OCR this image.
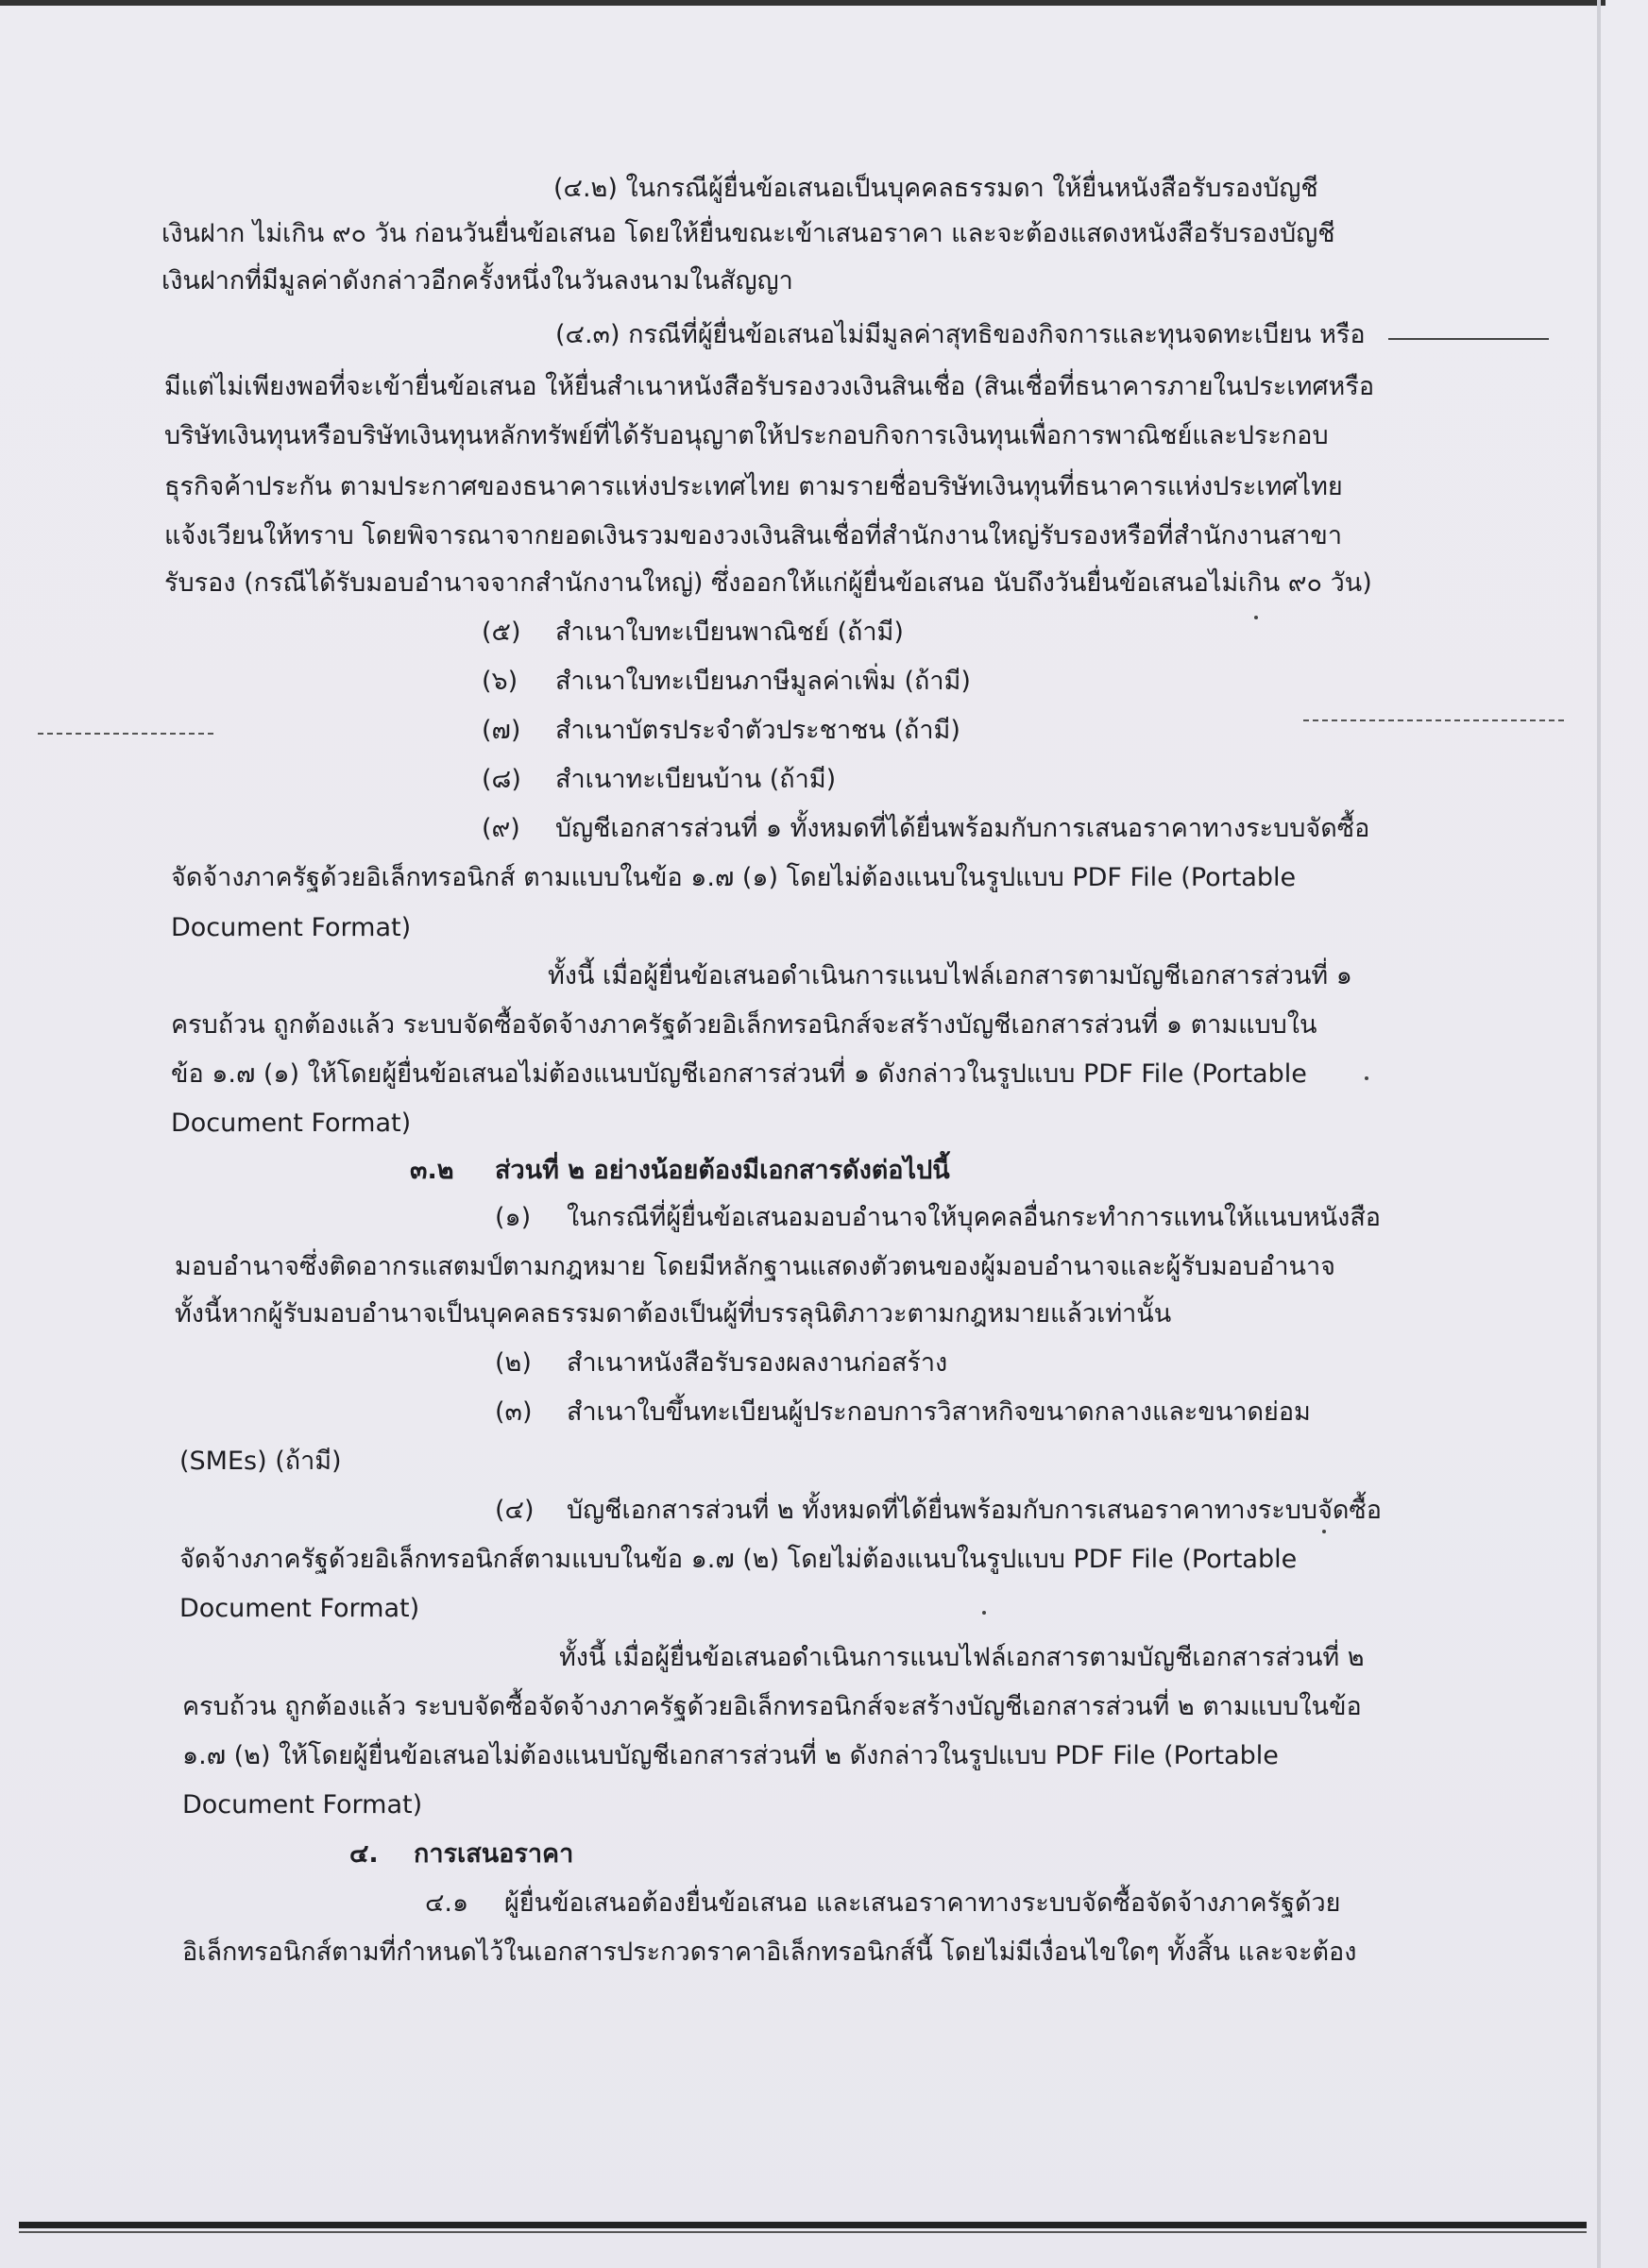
(๔.๒) ในกรณีผู้ยื่นข้อเสนอเป็นบุคคลธรรมดา ให้ยื่นหนังสือรับรองบัญชี
เงินฝาก ไม่เกิน ๙๐ วัน ก่อนวันยื่นข้อเสนอ โดยให้ยื่นขณะเข้าเสนอราคา และจะต้องแสดงหนังสือรับรองบัญชี
เงินฝากที่มีมูลค่าดังกล่าวอีกครั้งหนึ่งในวันลงนามในสัญญา
(๔.๓) กรณีที่ผู้ยื่นข้อเสนอไม่มีมูลค่าสุทธิของกิจการและทุนจดทะเบียน หรือ
มีแต่ไม่เพียงพอที่จะเข้ายื่นข้อเสนอ ให้ยื่นสำเนาหนังสือรับรองวงเงินสินเชื่อ (สินเชื่อที่ธนาคารภายในประเทศหรือ
บริษัทเงินทุนหรือบริษัทเงินทุนหลักทรัพย์ที่ได้รับอนุญาตให้ประกอบกิจการเงินทุนเพื่อการพาณิชย์และประกอบ
ธุรกิจค้าประกัน ตามประกาศของธนาคารแห่งประเทศไทย ตามรายชื่อบริษัทเงินทุนที่ธนาคารแห่งประเทศไทย
แจ้งเวียนให้ทราบ โดยพิจารณาจากยอดเงินรวมของวงเงินสินเชื่อที่สำนักงานใหญ่รับรองหรือที่สำนักงานสาขา
รับรอง (กรณีได้รับมอบอำนาจจากสำนักงานใหญ่) ซึ่งออกให้แก่ผู้ยื่นข้อเสนอ นับถึงวันยื่นข้อเสนอไม่เกิน ๙๐ วัน)
(๕) สำเนาใบทะเบียนพาณิชย์ (ถ้ามี)
(๖) สำเนาใบทะเบียนภาษีมูลค่าเพิ่ม (ถ้ามี)
(๗) สำเนาบัตรประจำตัวประชาชน (ถ้ามี)
(๘) สำเนาทะเบียนบ้าน (ถ้ามี)
(๙) บัญชีเอกสารส่วนที่ ๑ ทั้งหมดที่ได้ยื่นพร้อมกับการเสนอราคาทางระบบจัดซื้อ
จัดจ้างภาครัฐด้วยอิเล็กทรอนิกส์ ตามแบบในข้อ ๑.๗ (๑) โดยไม่ต้องแนบในรูปแบบ PDF File (Portable
Document Format)
ทั้งนี้ เมื่อผู้ยื่นข้อเสนอดำเนินการแนบไฟล์เอกสารตามบัญชีเอกสารส่วนที่ ๑
ครบถ้วน ถูกต้องแล้ว ระบบจัดซื้อจัดจ้างภาครัฐด้วยอิเล็กทรอนิกส์จะสร้างบัญชีเอกสารส่วนที่ ๑ ตามแบบใน
ข้อ ๑.๗ (๑) ให้โดยผู้ยื่นข้อเสนอไม่ต้องแนบบัญชีเอกสารส่วนที่ ๑ ดังกล่าวในรูปแบบ PDF File (Portable
Document Format)
๓.๒ ส่วนที่ ๒ อย่างน้อยต้องมีเอกสารดังต่อไปนี้
(๑) ในกรณีที่ผู้ยื่นข้อเสนอมอบอำนาจให้บุคคลอื่นกระทำการแทนให้แนบหนังสือ
มอบอำนาจซึ่งติดอากรแสตมป์ตามกฎหมาย โดยมีหลักฐานแสดงตัวตนของผู้มอบอำนาจและผู้รับมอบอำนาจ
ทั้งนี้หากผู้รับมอบอำนาจเป็นบุคคลธรรมดาต้องเป็นผู้ที่บรรลุนิติภาวะตามกฎหมายแล้วเท่านั้น
(๒) สำเนาหนังสือรับรองผลงานก่อสร้าง
(๓) สำเนาใบขึ้นทะเบียนผู้ประกอบการวิสาหกิจขนาดกลางและขนาดย่อม
(SMEs) (ถ้ามี)
(๔) บัญชีเอกสารส่วนที่ ๒ ทั้งหมดที่ได้ยื่นพร้อมกับการเสนอราคาทางระบบจัดซื้อ
จัดจ้างภาครัฐด้วยอิเล็กทรอนิกส์ตามแบบในข้อ ๑.๗ (๒) โดยไม่ต้องแนบในรูปแบบ PDF File (Portable
Document Format)
ทั้งนี้ เมื่อผู้ยื่นข้อเสนอดำเนินการแนบไฟล์เอกสารตามบัญชีเอกสารส่วนที่ ๒
ครบถ้วน ถูกต้องแล้ว ระบบจัดซื้อจัดจ้างภาครัฐด้วยอิเล็กทรอนิกส์จะสร้างบัญชีเอกสารส่วนที่ ๒ ตามแบบในข้อ
๑.๗ (๒) ให้โดยผู้ยื่นข้อเสนอไม่ต้องแนบบัญชีเอกสารส่วนที่ ๒ ดังกล่าวในรูปแบบ PDF File (Portable
Document Format)
๔. การเสนอราคา
๔.๑ ผู้ยื่นข้อเสนอต้องยื่นข้อเสนอ และเสนอราคาทางระบบจัดซื้อจัดจ้างภาครัฐด้วย
อิเล็กทรอนิกส์ตามที่กำหนดไว้ในเอกสารประกวดราคาอิเล็กทรอนิกส์นี้ โดยไม่มีเงื่อนไขใดๆ ทั้งสิ้น และจะต้อง
